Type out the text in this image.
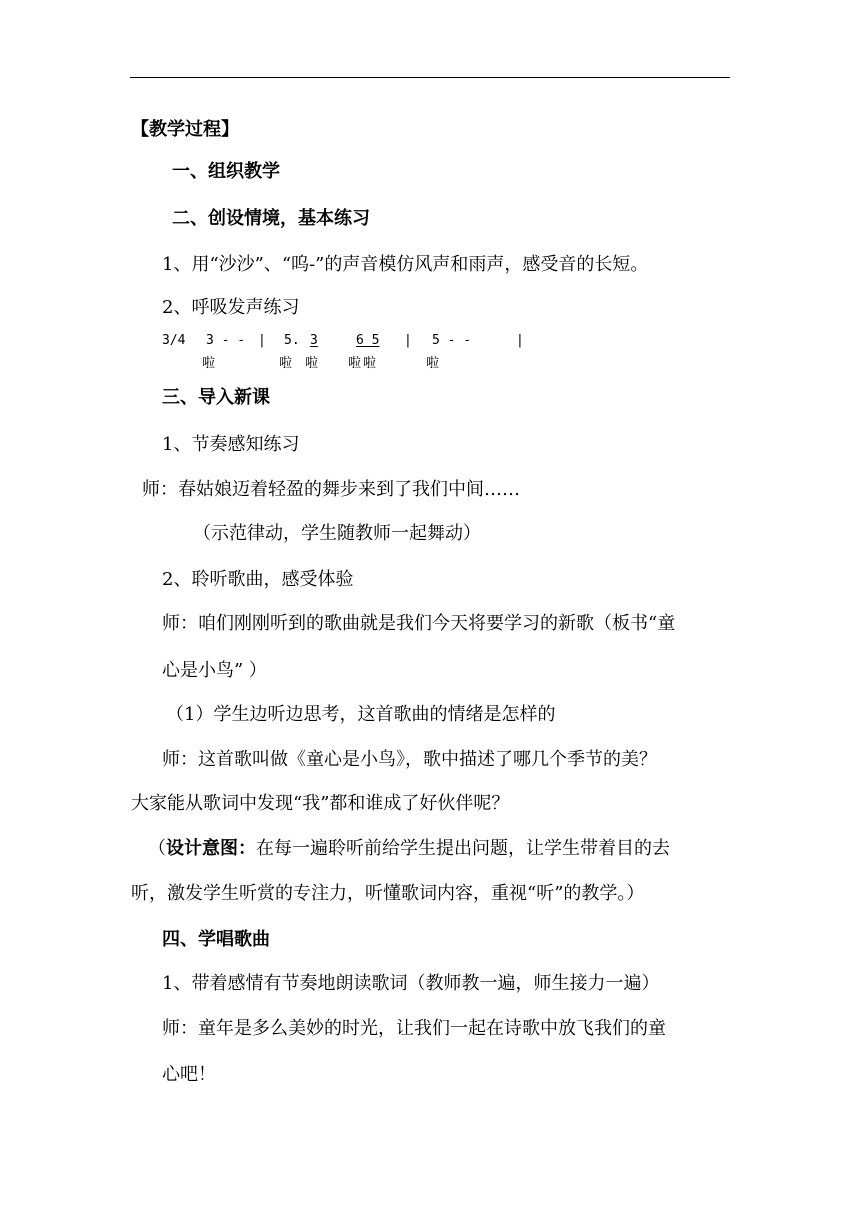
【教学过程】
一、组织教学
二、创设情境，基本练习
1、用“沙沙”、“呜-”的声音模仿风声和雨声，感受音的长短。
2、呼吸发声练习
3/4 3 - - | 5. 3	6 5 | 5 - -	|
啦	啦 啦 啦 啦	啦
三、导入新课
1、节奏感知练习
师：春姑娘迈着轻盈的舞步来到了我们中间……
（示范律动，学生随教师一起舞动）
2、聆听歌曲，感受体验
师：咱们刚刚听到的歌曲就是我们今天将要学习的新歌（板书“童
心是小鸟” ）
（1）学生边听边思考，这首歌曲的情绪是怎样的
师：这首歌叫做《童心是小鸟》，歌中描述了哪几个季节的美？
大家能从歌词中发现“我”都和谁成了好伙伴呢？
（设计意图：在每一遍聆听前给学生提出问题，让学生带着目的去
听，激发学生听赏的专注力，听懂歌词内容，重视“听”的教学。）
四、学唱歌曲
1、带着感情有节奏地朗读歌词（教师教一遍，师生接力一遍）
师：童年是多么美妙的时光，让我们一起在诗歌中放飞我们的童
心吧！
